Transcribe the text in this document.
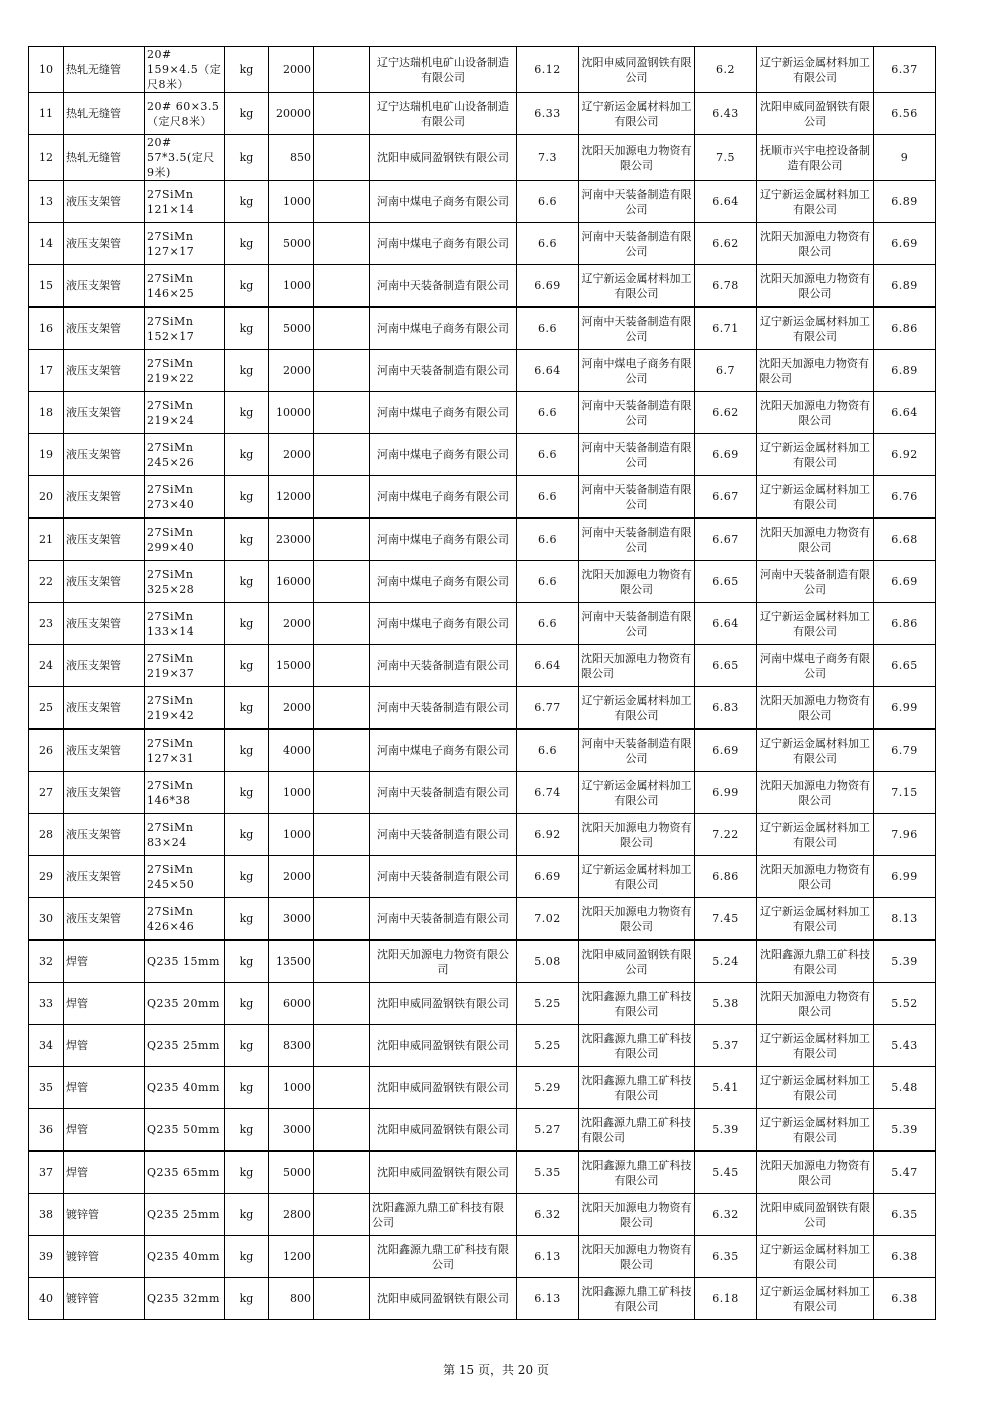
10	热轧无缝管	20# 159×4.5（定尺8米）	kg	2000		辽宁达瑞机电矿山设备制造有限公司	6.12	沈阳申威同盈钢铁有限公司	6.2	辽宁新运金属材料加工有限公司	6.37
11	热轧无缝管	20# 60×3.5（定尺8米）	kg	20000		辽宁达瑞机电矿山设备制造有限公司	6.33	辽宁新运金属材料加工有限公司	6.43	沈阳申威同盈钢铁有限公司	6.56
12	热轧无缝管	20# 57*3.5(定尺9米)	kg	850		沈阳申威同盈钢铁有限公司	7.3	沈阳天加源电力物资有限公司	7.5	抚顺市兴宇电控设备制造有限公司	9
13	液压支架管	27SiMn 121×14	kg	1000		河南中煤电子商务有限公司	6.6	河南中天装备制造有限公司	6.64	辽宁新运金属材料加工有限公司	6.89
14	液压支架管	27SiMn 127×17	kg	5000		河南中煤电子商务有限公司	6.6	河南中天装备制造有限公司	6.62	沈阳天加源电力物资有限公司	6.69
15	液压支架管	27SiMn 146×25	kg	1000		河南中天装备制造有限公司	6.69	辽宁新运金属材料加工有限公司	6.78	沈阳天加源电力物资有限公司	6.89
16	液压支架管	27SiMn 152×17	kg	5000		河南中煤电子商务有限公司	6.6	河南中天装备制造有限公司	6.71	辽宁新运金属材料加工有限公司	6.86
17	液压支架管	27SiMn 219×22	kg	2000		河南中天装备制造有限公司	6.64	河南中煤电子商务有限公司	6.7	沈阳天加源电力物资有限公司	6.89
18	液压支架管	27SiMn 219×24	kg	10000		河南中煤电子商务有限公司	6.6	河南中天装备制造有限公司	6.62	沈阳天加源电力物资有限公司	6.64
19	液压支架管	27SiMn 245×26	kg	2000		河南中煤电子商务有限公司	6.6	河南中天装备制造有限公司	6.69	辽宁新运金属材料加工有限公司	6.92
20	液压支架管	27SiMn 273×40	kg	12000		河南中煤电子商务有限公司	6.6	河南中天装备制造有限公司	6.67	辽宁新运金属材料加工有限公司	6.76
21	液压支架管	27SiMn 299×40	kg	23000		河南中煤电子商务有限公司	6.6	河南中天装备制造有限公司	6.67	沈阳天加源电力物资有限公司	6.68
22	液压支架管	27SiMn 325×28	kg	16000		河南中煤电子商务有限公司	6.6	沈阳天加源电力物资有限公司	6.65	河南中天装备制造有限公司	6.69
23	液压支架管	27SiMn 133×14	kg	2000		河南中煤电子商务有限公司	6.6	河南中天装备制造有限公司	6.64	辽宁新运金属材料加工有限公司	6.86
24	液压支架管	27SiMn 219×37	kg	15000		河南中天装备制造有限公司	6.64	沈阳天加源电力物资有限公司	6.65	河南中煤电子商务有限公司	6.65
25	液压支架管	27SiMn 219×42	kg	2000		河南中天装备制造有限公司	6.77	辽宁新运金属材料加工有限公司	6.83	沈阳天加源电力物资有限公司	6.99
26	液压支架管	27SiMn 127×31	kg	4000		河南中煤电子商务有限公司	6.6	河南中天装备制造有限公司	6.69	辽宁新运金属材料加工有限公司	6.79
27	液压支架管	27SiMn 146*38	kg	1000		河南中天装备制造有限公司	6.74	辽宁新运金属材料加工有限公司	6.99	沈阳天加源电力物资有限公司	7.15
28	液压支架管	27SiMn 83×24	kg	1000		河南中天装备制造有限公司	6.92	沈阳天加源电力物资有限公司	7.22	辽宁新运金属材料加工有限公司	7.96
29	液压支架管	27SiMn 245×50	kg	2000		河南中天装备制造有限公司	6.69	辽宁新运金属材料加工有限公司	6.86	沈阳天加源电力物资有限公司	6.99
30	液压支架管	27SiMn 426×46	kg	3000		河南中天装备制造有限公司	7.02	沈阳天加源电力物资有限公司	7.45	辽宁新运金属材料加工有限公司	8.13
32	焊管	Q235 15mm	kg	13500		沈阳天加源电力物资有限公司	5.08	沈阳申威同盈钢铁有限公司	5.24	沈阳鑫源九鼎工矿科技有限公司	5.39
33	焊管	Q235 20mm	kg	6000		沈阳申威同盈钢铁有限公司	5.25	沈阳鑫源九鼎工矿科技有限公司	5.38	沈阳天加源电力物资有限公司	5.52
34	焊管	Q235 25mm	kg	8300		沈阳申威同盈钢铁有限公司	5.25	沈阳鑫源九鼎工矿科技有限公司	5.37	辽宁新运金属材料加工有限公司	5.43
35	焊管	Q235 40mm	kg	1000		沈阳申威同盈钢铁有限公司	5.29	沈阳鑫源九鼎工矿科技有限公司	5.41	辽宁新运金属材料加工有限公司	5.48
36	焊管	Q235 50mm	kg	3000		沈阳申威同盈钢铁有限公司	5.27	沈阳鑫源九鼎工矿科技有限公司	5.39	辽宁新运金属材料加工有限公司	5.39
37	焊管	Q235 65mm	kg	5000		沈阳申威同盈钢铁有限公司	5.35	沈阳鑫源九鼎工矿科技有限公司	5.45	沈阳天加源电力物资有限公司	5.47
38	镀锌管	Q235 25mm	kg	2800		沈阳鑫源九鼎工矿科技有限公司	6.32	沈阳天加源电力物资有限公司	6.32	沈阳申威同盈钢铁有限公司	6.35
39	镀锌管	Q235 40mm	kg	1200		沈阳鑫源九鼎工矿科技有限公司	6.13	沈阳天加源电力物资有限公司	6.35	辽宁新运金属材料加工有限公司	6.38
40	镀锌管	Q235 32mm	kg	800		沈阳申威同盈钢铁有限公司	6.13	沈阳鑫源九鼎工矿科技有限公司	6.18	辽宁新运金属材料加工有限公司	6.38
第 15 页，共 20 页
